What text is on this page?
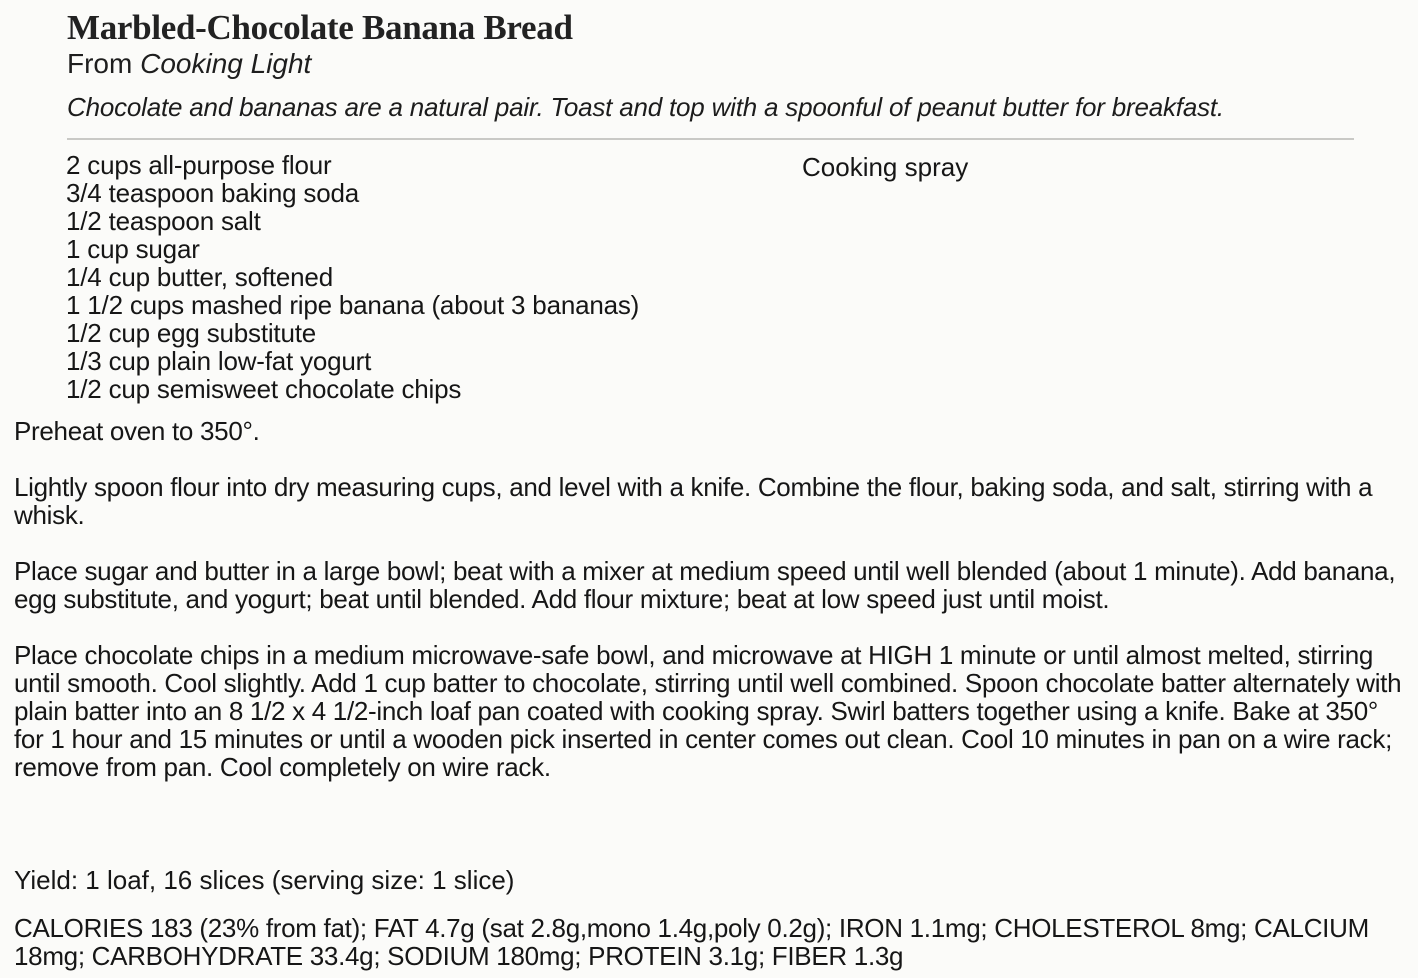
Marbled-Chocolate Banana Bread
From Cooking Light
Chocolate and bananas are a natural pair. Toast and top with a spoonful of peanut butter for breakfast.
2 cups all-purpose flour
3/4 teaspoon baking soda
1/2 teaspoon salt
1 cup sugar
1/4 cup butter, softened
1 1/2 cups mashed ripe banana (about 3 bananas)
1/2 cup egg substitute
1/3 cup plain low-fat yogurt
1/2 cup semisweet chocolate chips
Cooking spray

Preheat oven to 350°.

Lightly spoon flour into dry measuring cups, and level with a knife. Combine the flour, baking soda, and salt, stirring with a whisk.

Place sugar and butter in a large bowl; beat with a mixer at medium speed until well blended (about 1 minute). Add banana, egg substitute, and yogurt; beat until blended. Add flour mixture; beat at low speed just until moist.

Place chocolate chips in a medium microwave-safe bowl, and microwave at HIGH 1 minute or until almost melted, stirring until smooth. Cool slightly. Add 1 cup batter to chocolate, stirring until well combined. Spoon chocolate batter alternately with plain batter into an 8 1/2 x 4 1/2-inch loaf pan coated with cooking spray. Swirl batters together using a knife. Bake at 350° for 1 hour and 15 minutes or until a wooden pick inserted in center comes out clean. Cool 10 minutes in pan on a wire rack; remove from pan. Cool completely on wire rack.

Yield: 1 loaf, 16 slices (serving size: 1 slice)
CALORIES 183 (23% from fat); FAT 4.7g (sat 2.8g,mono 1.4g,poly 0.2g); IRON 1.1mg; CHOLESTEROL 8mg; CALCIUM 18mg; CARBOHYDRATE 33.4g; SODIUM 180mg; PROTEIN 3.1g; FIBER 1.3g
